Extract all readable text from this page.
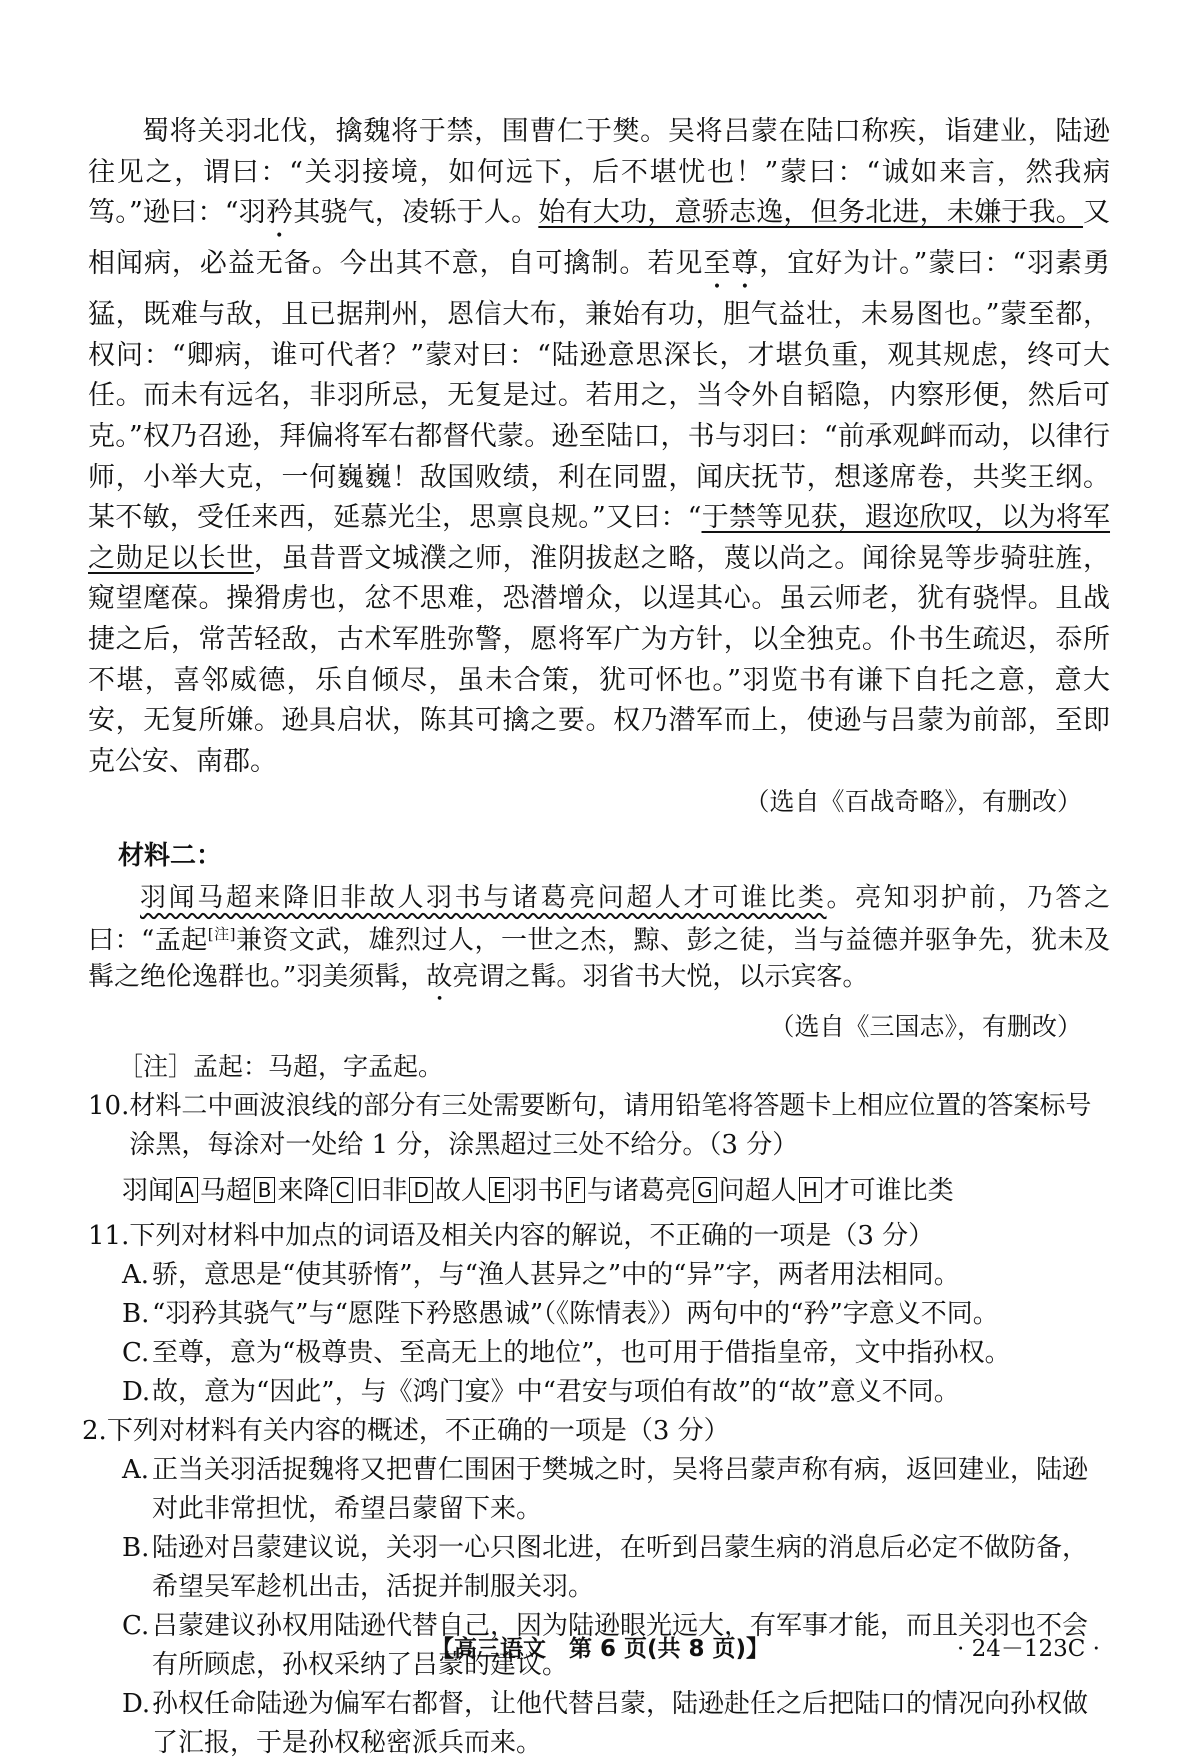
蜀将关羽北伐，擒魏将于禁，围曹仁于樊。吴将吕蒙在陆口称疾，诣建业，陆逊往见之，谓曰：“关羽接境，如何远下，后不堪忧也！”蒙曰：“诚如来言，然我病笃。”逊曰：“羽矜其骁气，凌轹于人。始有大功，意骄志逸，但务北进，未嫌于我。又相闻病，必益无备。今出其不意，自可擒制。若见至尊，宜好为计。”蒙曰：“羽素勇猛，既难与敌，且已据荆州，恩信大布，兼始有功，胆气益壮，未易图也。”蒙至都，权问：“卿病，谁可代者？”蒙对曰：“陆逊意思深长，才堪负重，观其规虑，终可大任。而未有远名，非羽所忌，无复是过。若用之，当令外自韬隐，内察形便，然后可克。”权乃召逊，拜偏将军右都督代蒙。逊至陆口，书与羽曰：“前承观衅而动，以律行师，小举大克，一何巍巍！敌国败绩，利在同盟，闻庆抚节，想遂席卷，共奖王纲。某不敏，受任来西，延慕光尘，思禀良规。”又曰：“于禁等见获，遐迩欣叹，以为将军之勋足以长世，虽昔晋文城濮之师，淮阴拔赵之略，蔑以尚之。闻徐晃等步骑驻旌，窥望麾葆。操猾虏也，忿不思难，恐潜增众，以逞其心。虽云师老，犹有骁悍。且战捷之后，常苦轻敌，古术军胜弥警，愿将军广为方针，以全独克。仆书生疏迟，忝所不堪，喜邻威德，乐自倾尽，虽未合策，犹可怀也。”羽览书有谦下自托之意，意大安，无复所嫌。逊具启状，陈其可擒之要。权乃潜军而上，使逊与吕蒙为前部，至即克公安、南郡。

（选自《百战奇略》，有删改）

材料二：

羽闻马超来降旧非故人羽书与诸葛亮问超人才可谁比类。亮知羽护前，乃答之曰：“孟起[注]兼资文武，雄烈过人，一世之杰，黥、彭之徒，当与益德并驱争先，犹未及髯之绝伦逸群也。”羽美须髯，故亮谓之髯。羽省书大悦，以示宾客。

（选自《三国志》，有删改）

［注］孟起：马超，字孟起。

10. 材料二中画波浪线的部分有三处需要断句，请用铅笔将答题卡上相应位置的答案标号涂黑，每涂对一处给 1 分，涂黑超过三处不给分。（3 分）
羽闻 A 马超 B 来降 C 旧非 D 故人 E 羽书 F 与诸葛亮 G 问超人 H 才可谁比类
11. 下列对材料中加点的词语及相关内容的解说，不正确的一项是（3 分）
A. 骄，意思是“使其骄惰”，与“渔人甚异之”中的“异”字，两者用法相同。
B. “羽矜其骁气”与“愿陛下矜愍愚诚”（《陈情表》）两句中的“矜”字意义不同。
C. 至尊，意为“极尊贵、至高无上的地位”，也可用于借指皇帝，文中指孙权。
D. 故，意为“因此”，与《鸿门宴》中“君安与项伯有故”的“故”意义不同。
2. 下列对材料有关内容的概述，不正确的一项是（3 分）
A. 正当关羽活捉魏将又把曹仁围困于樊城之时，吴将吕蒙声称有病，返回建业，陆逊对此非常担忧，希望吕蒙留下来。
B. 陆逊对吕蒙建议说，关羽一心只图北进，在听到吕蒙生病的消息后必定不做防备，希望吴军趁机出击，活捉并制服关羽。
C. 吕蒙建议孙权用陆逊代替自己，因为陆逊眼光远大，有军事才能，而且关羽也不会有所顾虑，孙权采纳了吕蒙的建议。
D. 孙权任命陆逊为偏军右都督，让他代替吕蒙，陆逊赴任之后把陆口的情况向孙权做了汇报，于是孙权秘密派兵而来。
【高三语文　第 6 页(共 8 页)】	· 24－123C ·
